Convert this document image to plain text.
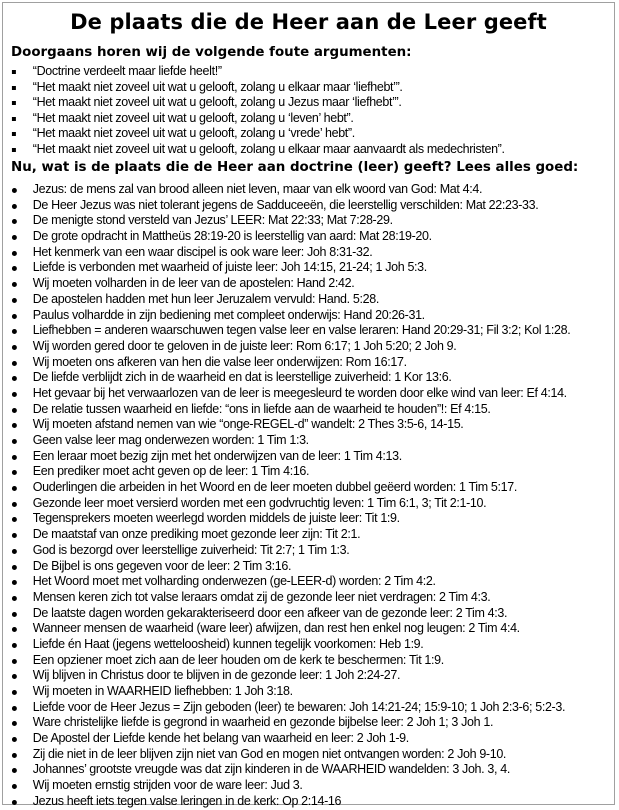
De plaats die de Heer aan de Leer geeft
Doorgaans horen wij de volgende foute argumenten:
“Doctrine verdeelt maar liefde heelt!”
“Het maakt niet zoveel uit wat u gelooft, zolang u elkaar maar ‘liefhebt’”.
“Het maakt niet zoveel uit wat u gelooft, zolang u Jezus maar ‘liefhebt’”.
“Het maakt niet zoveel uit wat u gelooft, zolang u ‘leven’ hebt”.
“Het maakt niet zoveel uit wat u gelooft, zolang u ‘vrede’ hebt”.
“Het maakt niet zoveel uit wat u gelooft, zolang u elkaar maar aanvaardt als medechristen”.
Nu, wat is de plaats die de Heer aan doctrine (leer) geeft? Lees alles goed:
Jezus: de mens zal van brood alleen niet leven, maar van elk woord van God: Mat 4:4.
De Heer Jezus was niet tolerant jegens de Sadduceeën, die leerstellig verschilden: Mat 22:23-33.
De menigte stond versteld van Jezus’ LEER: Mat 22:33; Mat 7:28-29.
De grote opdracht in Mattheüs 28:19-20 is leerstellig van aard: Mat 28:19-20.
Het kenmerk van een waar discipel is ook ware leer: Joh 8:31-32.
Liefde is verbonden met waarheid of juiste leer: Joh 14:15, 21-24; 1 Joh 5:3.
Wij moeten volharden in de leer van de apostelen: Hand 2:42.
De apostelen hadden met hun leer Jeruzalem vervuld: Hand. 5:28.
Paulus volhardde in zijn bediening met compleet onderwijs: Hand 20:26-31.
Liefhebben = anderen waarschuwen tegen valse leer en valse leraren: Hand 20:29-31; Fil 3:2; Kol 1:28.
Wij worden gered door te geloven in de juiste leer: Rom 6:17; 1 Joh 5:20; 2 Joh 9.
Wij moeten ons afkeren van hen die valse leer onderwijzen: Rom 16:17.
De liefde verblijdt zich in de waarheid en dat is leerstellige zuiverheid: 1 Kor 13:6.
Het gevaar bij het verwaarlozen van de leer is meegesleurd te worden door elke wind van leer: Ef 4:14.
De relatie tussen waarheid en liefde: “ons in liefde aan de waarheid te houden”!: Ef 4:15.
Wij moeten afstand nemen van wie “onge-REGEL-d” wandelt: 2 Thes 3:5-6, 14-15.
Geen valse leer mag onderwezen worden: 1 Tim 1:3.
Een leraar moet bezig zijn met het onderwijzen van de leer: 1 Tim 4:13.
Een prediker moet acht geven op de leer: 1 Tim 4:16.
Ouderlingen die arbeiden in het Woord en de leer moeten dubbel geëerd worden: 1 Tim 5:17.
Gezonde leer moet versierd worden met een godvruchtig leven: 1 Tim 6:1, 3; Tit 2:1-10.
Tegensprekers moeten weerlegd worden middels de juiste leer: Tit 1:9.
De maatstaf van onze prediking moet gezonde leer zijn: Tit 2:1.
God is bezorgd over leerstellige zuiverheid: Tit 2:7; 1 Tim 1:3.
De Bijbel is ons gegeven voor de leer: 2 Tim 3:16.
Het Woord moet met volharding onderwezen (ge-LEER-d) worden: 2 Tim 4:2.
Mensen keren zich tot valse leraars omdat zij de gezonde leer niet verdragen: 2 Tim 4:3.
De laatste dagen worden gekarakteriseerd door een afkeer van de gezonde leer: 2 Tim 4:3.
Wanneer mensen de waarheid (ware leer) afwijzen, dan rest hen enkel nog leugen: 2 Tim 4:4.
Liefde én Haat (jegens wetteloosheid) kunnen tegelijk voorkomen: Heb 1:9.
Een opziener moet zich aan de leer houden om de kerk te beschermen: Tit 1:9.
Wij blijven in Christus door te blijven in de gezonde leer: 1 Joh 2:24-27.
Wij moeten in WAARHEID liefhebben: 1 Joh 3:18.
Liefde voor de Heer Jezus = Zijn geboden (leer) te bewaren: Joh 14:21-24; 15:9-10; 1 Joh 2:3-6; 5:2-3.
Ware christelijke liefde is gegrond in waarheid en gezonde bijbelse leer: 2 Joh 1; 3 Joh 1.
De Apostel der Liefde kende het belang van waarheid en leer: 2 Joh 1-9.
Zij die niet in de leer blijven zijn niet van God en mogen niet ontvangen worden: 2 Joh 9-10.
Johannes’ grootste vreugde was dat zijn kinderen in de WAARHEID wandelden: 3 Joh. 3, 4.
Wij moeten ernstig strijden voor de ware leer: Jud 3.
Jezus heeft iets tegen valse leringen in de kerk: Op 2:14-16
